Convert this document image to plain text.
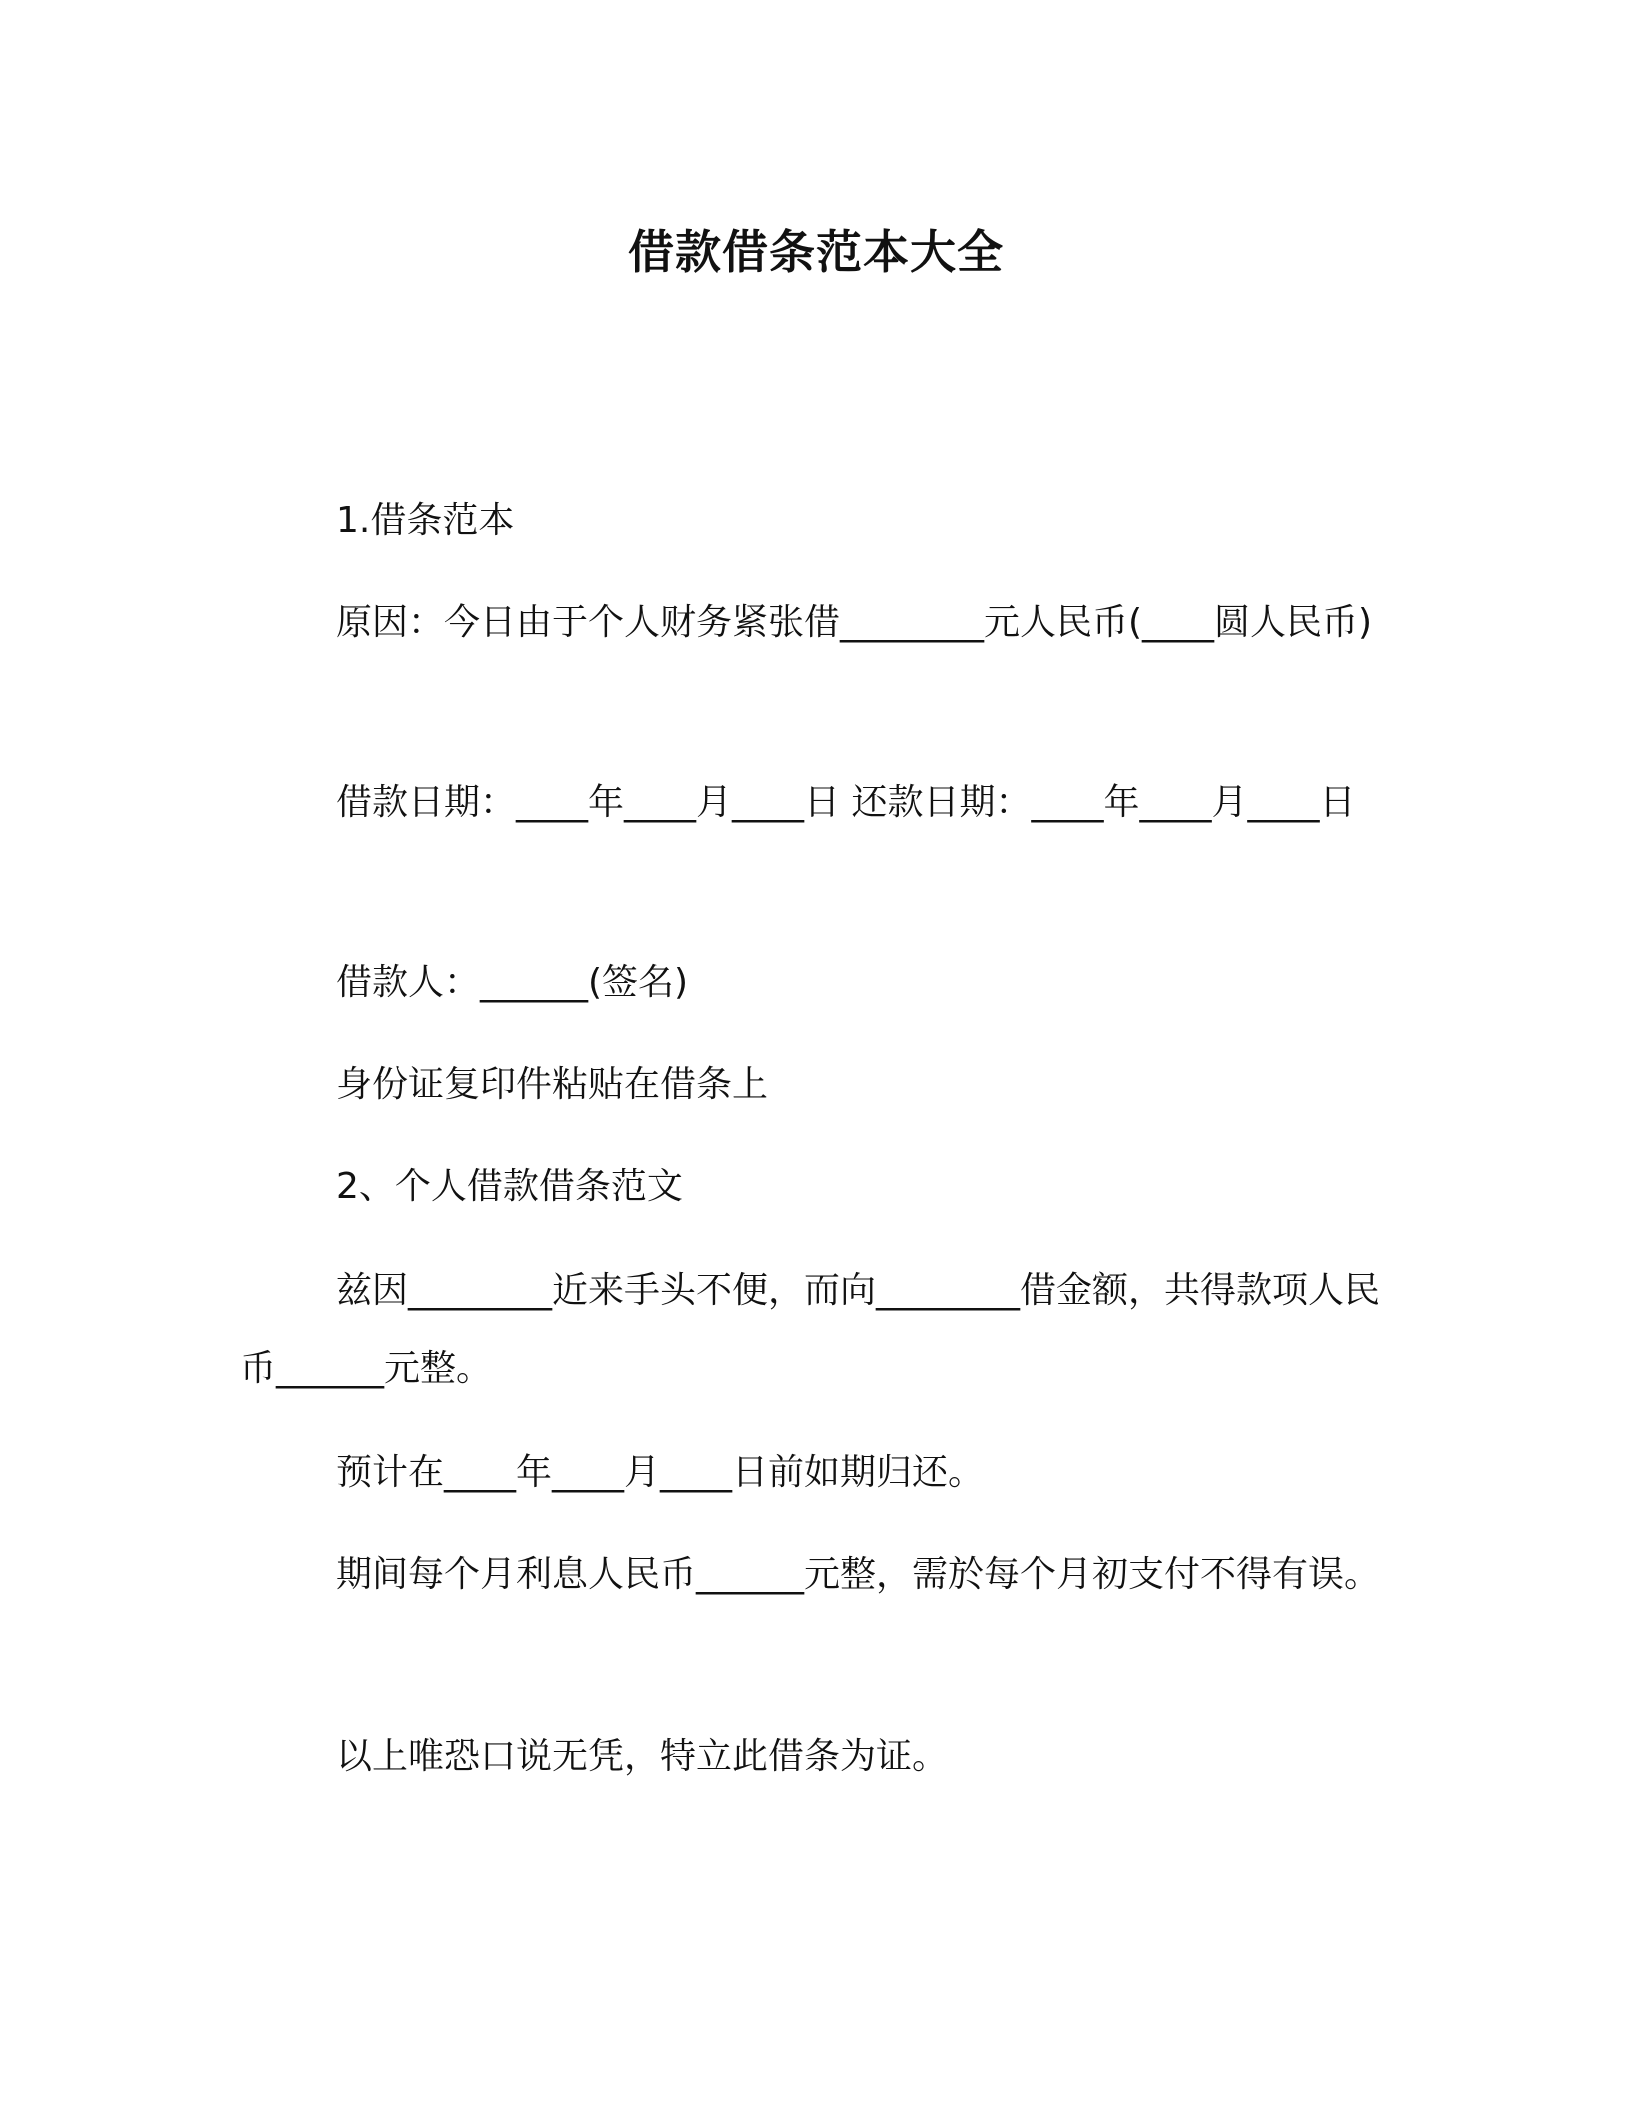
借款借条范本大全
1.借条范本
原因：今日由于个人财务紧张借________元人民币(____圆人民币)
借款日期：____年____月____日 还款日期：____年____月____日
借款人：______(签名)
身份证复印件粘贴在借条上
2、个人借款借条范文
兹因________近来手头不便，而向________借金额，共得款项人民币______元整。
预计在____年____月____日前如期归还。
期间每个月利息人民币______元整，需於每个月初支付不得有误。
以上唯恐口说无凭，特立此借条为证。
